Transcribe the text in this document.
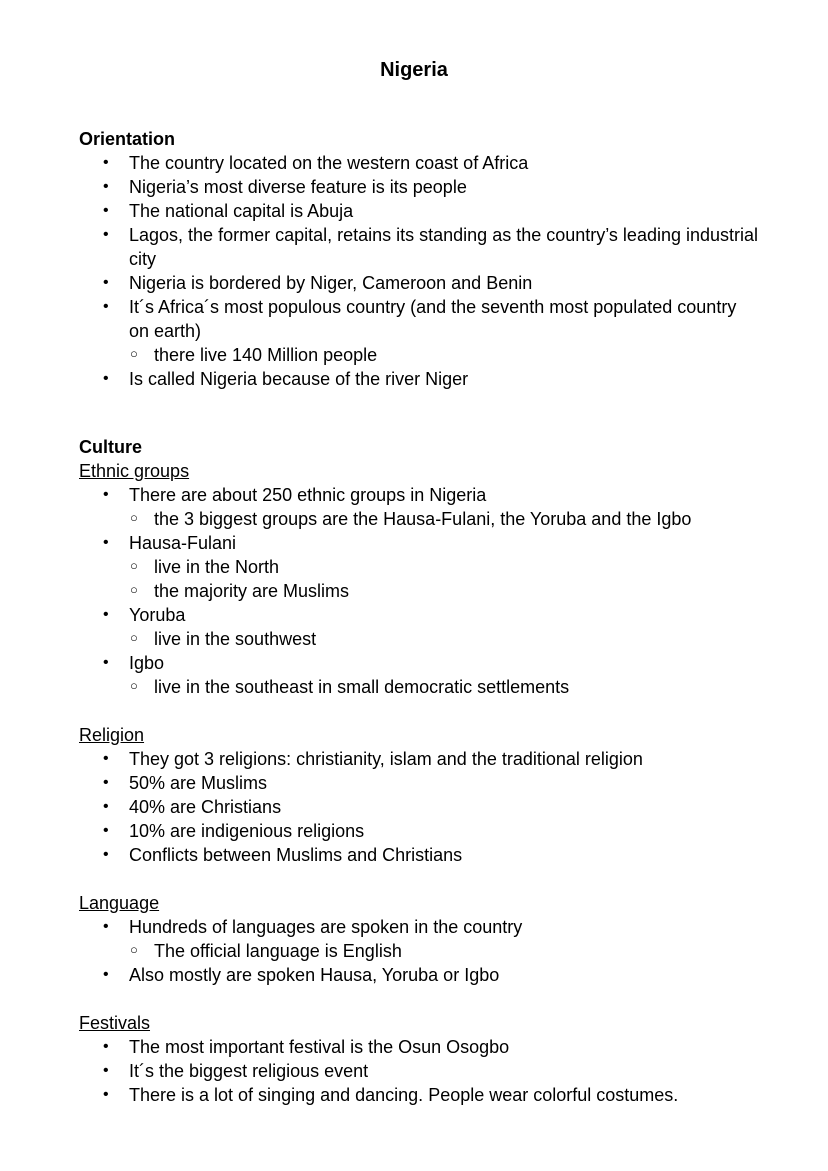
Nigeria
Orientation
•	The country located on the western coast of Africa
•	Nigeria’s most diverse feature is its people
•	The national capital is Abuja
•	Lagos, the former capital, retains its standing as the country’s leading industrial city
•	Nigeria is bordered by Niger, Cameroon and Benin
•	It´s Africa´s most populous country (and the seventh most populated country on earth)
○ there live 140 Million people
•	Is called Nigeria because of the river Niger
Culture
Ethnic groups
•	There are about 250 ethnic groups in Nigeria
○ the 3 biggest groups are the Hausa-Fulani, the Yoruba and the Igbo
•	Hausa-Fulani
○ live in the North
○ the majority are Muslims
•	Yoruba
○ live in the southwest
•	Igbo
○ live in the southeast in small democratic settlements
Religion
•	They got 3 religions: christianity, islam and the traditional religion
•	50% are Muslims
•	40% are Christians
•	10% are indigenious religions
•	Conflicts between Muslims and Christians
Language
•	Hundreds of languages are spoken in the country
○ The official language is English
•	Also mostly are spoken Hausa, Yoruba or Igbo
Festivals
•	The most important festival is the Osun Osogbo
•	It´s the biggest religious event
•	There is a lot of singing and dancing. People wear colorful costumes.
